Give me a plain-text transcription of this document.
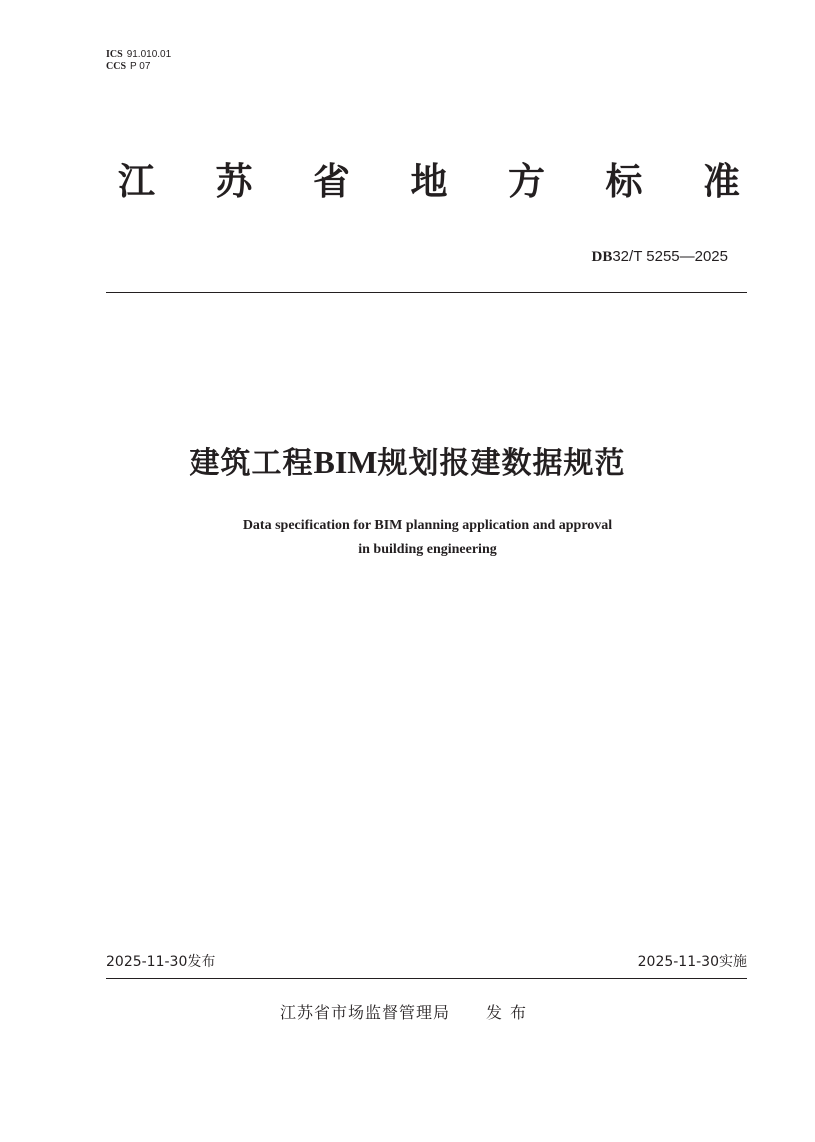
ICS 91.010.01
CCS P 07
江 苏 省 地 方 标 准
DB32/T 5255—2025
建筑工程BIM规划报建数据规范
Data specification for BIM planning application and approval
in building engineering
2025-11-30发布	2025-11-30实施
江苏省市场监督管理局 发布
